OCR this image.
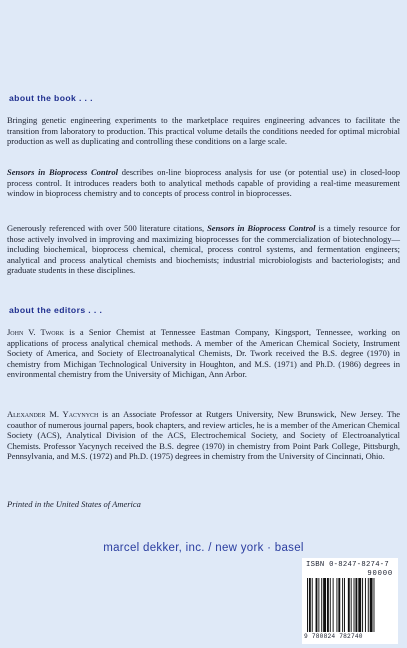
about the book . . .

Bringing genetic engineering experiments to the marketplace requires engineering advances to facilitate the transition from laboratory to production. This practical volume details the conditions needed for optimal microbial production as well as duplicating and controlling these conditions on a large scale.

Sensors in Bioprocess Control describes on-line bioprocess analysis for use (or potential use) in closed-loop process control. It introduces readers both to analytical methods capable of providing a real-time measurement window in bioprocess chemistry and to concepts of process control in bioprocesses.

Generously referenced with over 500 literature citations, Sensors in Bioprocess Control is a timely resource for those actively involved in improving and maximizing bioprocesses for the commercialization of biotechnology—including biochemical, bioprocess chemical, chemical, process control systems, and fermentation engineers; analytical and process analytical chemists and biochemists; industrial microbiologists and bacteriologists; and graduate students in these disciplines.

about the editors . . .

John V. Twork is a Senior Chemist at Tennessee Eastman Company, Kingsport, Tennessee, working on applications of process analytical chemical methods. A member of the American Chemical Society, Instrument Society of America, and Society of Electroanalytical Chemists, Dr. Twork received the B.S. degree (1970) in chemistry from Michigan Technological University in Houghton, and M.S. (1971) and Ph.D. (1986) degrees in environmental chemistry from the University of Michigan, Ann Arbor.

Alexander M. Yacynych is an Associate Professor at Rutgers University, New Brunswick, New Jersey. The coauthor of numerous journal papers, book chapters, and review articles, he is a member of the American Chemical Society (ACS), Analytical Division of the ACS, Electrochemical Society, and Society of Electroanalytical Chemists. Professor Yacynych received the B.S. degree (1970) in chemistry from Point Park College, Pittsburgh, Pennsylvania, and M.S. (1972) and Ph.D. (1975) degrees in chemistry from the University of Cincinnati, Ohio.

Printed in the United States of America

marcel dekker, inc. / new york · basel

ISBN 0-8247-8274-7

90000

9 780824 782740
